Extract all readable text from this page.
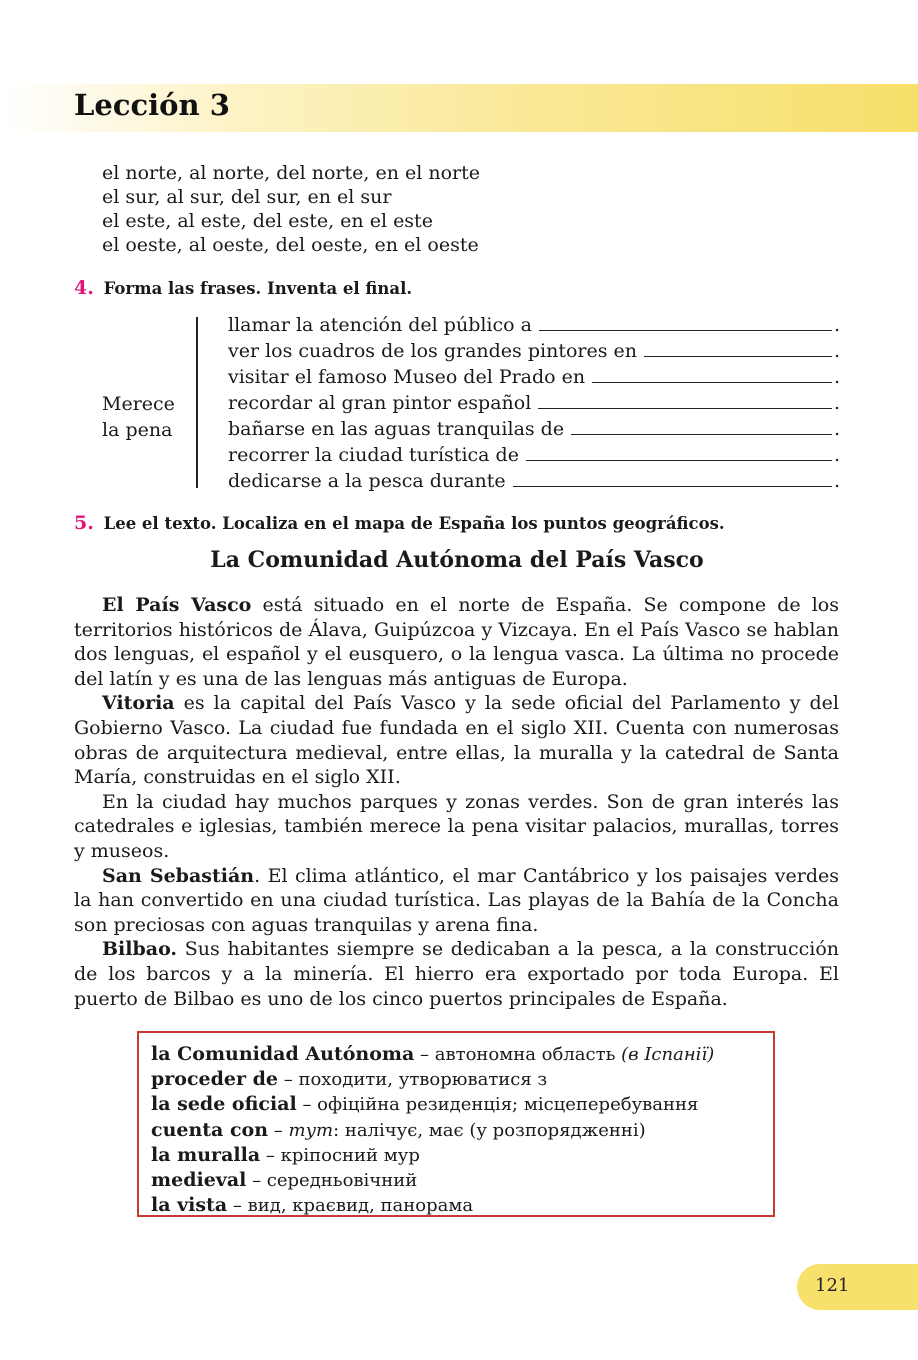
Lección 3
el norte, al norte, del norte, en el norte
el sur, al sur, del sur, en el sur
el este, al este, del este, en el este
el oeste, al oeste, del oeste, en el oeste
4. Forma las frases. Inventa el final.
Merece
la pena
llamar la atención del público a	.
ver los cuadros de los grandes pintores en	.
visitar el famoso Museo del Prado en	.
recordar al gran pintor español	.
bañarse en las aguas tranquilas de	.
recorrer la ciudad turística de	.
dedicarse a la pesca durante	.
5. Lee el texto. Localiza en el mapa de España los puntos geográficos.
La Comunidad Autónoma del País Vasco

El País Vasco está situado en el norte de España. Se compone de los territorios históricos de Álava, Guipúzcoa y Vizcaya. En el País Vasco se hablan dos lenguas, el español y el eusquero, o la lengua vasca. La última no procede del latín y es una de las lenguas más antiguas de Europa.

Vitoria es la capital del País Vasco y la sede oficial del Parlamento y del Gobierno Vasco. La ciudad fue fundada en el siglo XII. Cuenta con numerosas obras de arquitectura medieval, entre ellas, la muralla y la catedral de Santa María, construidas en el siglo XII.

En la ciudad hay muchos parques y zonas verdes. Son de gran interés las catedrales e iglesias, también merece la pena visitar palacios, murallas, torres y museos.

San Sebastián. El clima atlántico, el mar Cantábrico y los paisajes verdes la han convertido en una ciudad turística. Las playas de la Bahía de la Concha son preciosas con aguas tranquilas y arena fina.

Bilbao. Sus habitantes siempre se dedicaban a la pesca, a la construcción de los barcos y a la minería. El hierro era exportado por toda Europa. El puerto de Bilbao es uno de los cinco puertos principales de España.

la Comunidad Autónoma – автономна область (в Іспанії)
proceder de – походити, утворюватися з
la sede oficial – офіційна резиденція; місцеперебування
cuenta con – тут: налічує, має (у розпорядженні)
la muralla – кріпосний мур
medieval – середньовічний
la vista – вид, краєвид, панорама
121
